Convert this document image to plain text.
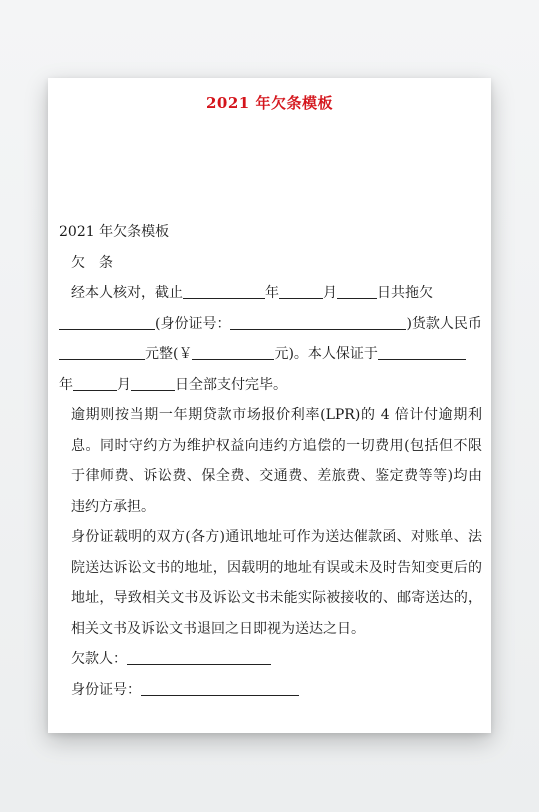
2021 年欠条模板
2021 年欠条模板
欠 条
经本人核对，截止	年	月	日共拖欠
(身份证号：	)货款人民币
元整(￥	元)。本人保证于
年	月	日全部支付完毕。
逾期则按当期一年期贷款市场报价利率(LPR)的 4 倍计付逾期利息。同时守约方为维护权益向违约方追偿的一切费用(包括但不限于律师费、诉讼费、保全费、交通费、差旅费、鉴定费等等)均由违约方承担。
身份证载明的双方(各方)通讯地址可作为送达催款函、对账单、法院送达诉讼文书的地址，因载明的地址有误或未及时告知变更后的地址，导致相关文书及诉讼文书未能实际被接收的、邮寄送达的，相关文书及诉讼文书退回之日即视为送达之日。
欠款人：
身份证号：
